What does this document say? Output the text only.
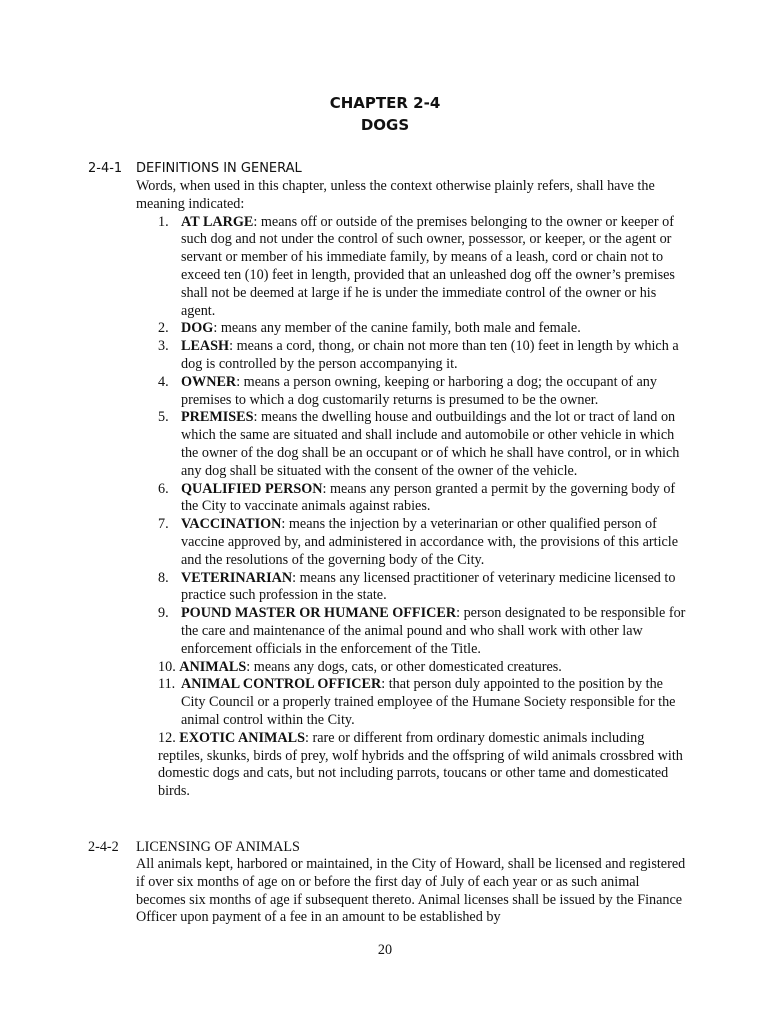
CHAPTER 2-4
DOGS
2-4-1 DEFINITIONS IN GENERAL
Words, when used in this chapter, unless the context otherwise plainly refers, shall have the meaning indicated:
1. AT LARGE: means off or outside of the premises belonging to the owner or keeper of such dog and not under the control of such owner, possessor, or keeper, or the agent or servant or member of his immediate family, by means of a leash, cord or chain not to exceed ten (10) feet in length, provided that an unleashed dog off the owner’s premises shall not be deemed at large if he is under the immediate control of the owner or his agent.
2. DOG: means any member of the canine family, both male and female.
3. LEASH: means a cord, thong, or chain not more than ten (10) feet in length by which a dog is controlled by the person accompanying it.
4. OWNER: means a person owning, keeping or harboring a dog; the occupant of any premises to which a dog customarily returns is presumed to be the owner.
5. PREMISES: means the dwelling house and outbuildings and the lot or tract of land on which the same are situated and shall include and automobile or other vehicle in which the owner of the dog shall be an occupant or of which he shall have control, or in which any dog shall be situated with the consent of the owner of the vehicle.
6. QUALIFIED PERSON: means any person granted a permit by the governing body of the City to vaccinate animals against rabies.
7. VACCINATION: means the injection by a veterinarian or other qualified person of vaccine approved by, and administered in accordance with, the provisions of this article and the resolutions of the governing body of the City.
8. VETERINARIAN: means any licensed practitioner of veterinary medicine licensed to practice such profession in the state.
9. POUND MASTER OR HUMANE OFFICER: person designated to be responsible for the care and maintenance of the animal pound and who shall work with other law enforcement officials in the enforcement of the Title.
10. ANIMALS: means any dogs, cats, or other domesticated creatures.
11. ANIMAL CONTROL OFFICER: that person duly appointed to the position by the City Council or a properly trained employee of the Humane Society responsible for the animal control within the City.
12. EXOTIC ANIMALS: rare or different from ordinary domestic animals including reptiles, skunks, birds of prey, wolf hybrids and the offspring of wild animals crossbred with domestic dogs and cats, but not including parrots, toucans or other tame and domesticated birds.
2-4-2 LICENSING OF ANIMALS
All animals kept, harbored or maintained, in the City of Howard, shall be licensed and registered if over six months of age on or before the first day of July of each year or as such animal becomes six months of age if subsequent thereto. Animal licenses shall be issued by the Finance Officer upon payment of a fee in an amount to be established by
20
